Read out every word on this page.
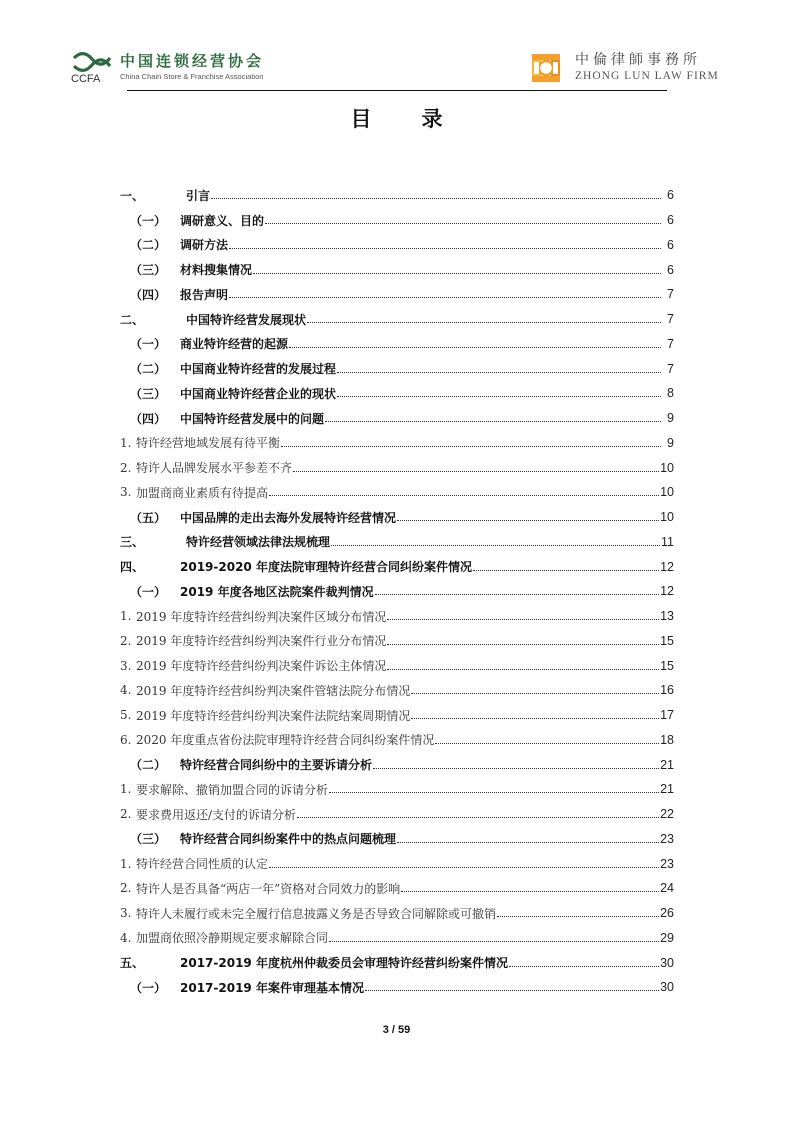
CCFA
中国连锁经营协会
China Chain Store & Franchise Association
中倫律師事務所
ZHONG LUN LAW FIRM
目 录
一、	引言	6
（一）	调研意义、目的	6
（二）	调研方法	6
（三）	材料搜集情况	6
（四）	报告声明	7
二、	中国特许经营发展现状	7
（一）	商业特许经营的起源	7
（二）	中国商业特许经营的发展过程	7
（三）	中国商业特许经营企业的现状	8
（四）	中国特许经营发展中的问题	9
1. 特许经营地域发展有待平衡	9
2. 特许人品牌发展水平参差不齐	10
3. 加盟商商业素质有待提高	10
（五）	中国品牌的走出去海外发展特许经营情况	10
三、	特许经营领域法律法规梳理	11
四、	2019-2020 年度法院审理特许经营合同纠纷案件情况	12
（一）	2019 年度各地区法院案件裁判情况	12
1. 2019 年度特许经营纠纷判决案件区域分布情况	13
2. 2019 年度特许经营纠纷判决案件行业分布情况	15
3. 2019 年度特许经营纠纷判决案件诉讼主体情况	15
4. 2019 年度特许经营纠纷判决案件管辖法院分布情况	16
5. 2019 年度特许经营纠纷判决案件法院结案周期情况	17
6. 2020 年度重点省份法院审理特许经营合同纠纷案件情况	18
（二）	特许经营合同纠纷中的主要诉请分析	21
1. 要求解除、撤销加盟合同的诉请分析	21
2. 要求费用返还/支付的诉请分析	22
（三）	特许经营合同纠纷案件中的热点问题梳理	23
1. 特许经营合同性质的认定	23
2. 特许人是否具备“两店一年”资格对合同效力的影响	24
3. 特许人未履行或未完全履行信息披露义务是否导致合同解除或可撤销	26
4. 加盟商依照冷静期规定要求解除合同	29
五、	2017-2019 年度杭州仲裁委员会审理特许经营纠纷案件情况	30
（一）	2017-2019 年案件审理基本情况	30
3 / 59
